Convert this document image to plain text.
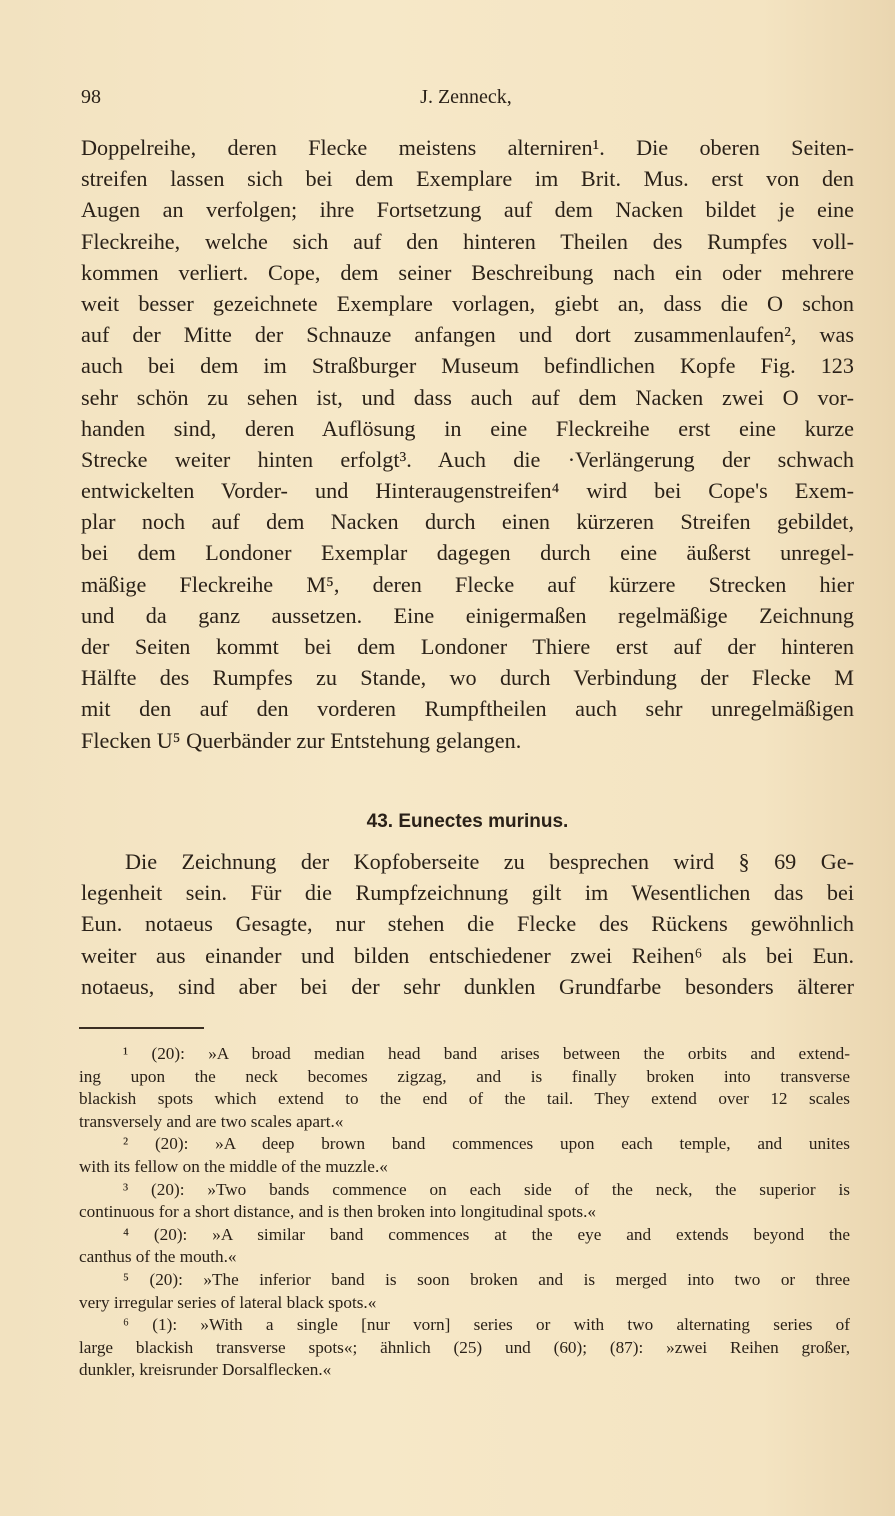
98	J. Zenneck,
Doppelreihe, deren Flecke meistens alterniren¹. Die oberen Seiten-
streifen lassen sich bei dem Exemplare im Brit. Mus. erst von den
Augen an verfolgen; ihre Fortsetzung auf dem Nacken bildet je eine
Fleckreihe, welche sich auf den hinteren Theilen des Rumpfes voll-
kommen verliert. Cope, dem seiner Beschreibung nach ein oder mehrere
weit besser gezeichnete Exemplare vorlagen, giebt an, dass die O schon
auf der Mitte der Schnauze anfangen und dort zusammenlaufen², was
auch bei dem im Straßburger Museum befindlichen Kopfe Fig. 123
sehr schön zu sehen ist, und dass auch auf dem Nacken zwei O vor-
handen sind, deren Auflösung in eine Fleckreihe erst eine kurze
Strecke weiter hinten erfolgt³. Auch die ·Verlängerung der schwach
entwickelten Vorder- und Hinteraugenstreifen⁴ wird bei Cope's Exem-
plar noch auf dem Nacken durch einen kürzeren Streifen gebildet,
bei dem Londoner Exemplar dagegen durch eine äußerst unregel-
mäßige Fleckreihe M⁵, deren Flecke auf kürzere Strecken hier
und da ganz aussetzen. Eine einigermaßen regelmäßige Zeichnung
der Seiten kommt bei dem Londoner Thiere erst auf der hinteren
Hälfte des Rumpfes zu Stande, wo durch Verbindung der Flecke M
mit den auf den vorderen Rumpftheilen auch sehr unregelmäßigen
Flecken U⁵ Querbänder zur Entstehung gelangen.
43. Eunectes murinus.
Die Zeichnung der Kopfoberseite zu besprechen wird § 69 Ge-
legenheit sein. Für die Rumpfzeichnung gilt im Wesentlichen das bei
Eun. notaeus Gesagte, nur stehen die Flecke des Rückens gewöhnlich
weiter aus einander und bilden entschiedener zwei Reihen⁶ als bei Eun.
notaeus, sind aber bei der sehr dunklen Grundfarbe besonders älterer
¹ (20): »A broad median head band arises between the orbits and extend-
ing upon the neck becomes zigzag, and is finally broken into transverse
blackish spots which extend to the end of the tail. They extend over 12 scales
transversely and are two scales apart.«
² (20): »A deep brown band commences upon each temple, and unites
with its fellow on the middle of the muzzle.«
³ (20): »Two bands commence on each side of the neck, the superior is
continuous for a short distance, and is then broken into longitudinal spots.«
⁴ (20): »A similar band commences at the eye and extends beyond the
canthus of the mouth.«
⁵ (20): »The inferior band is soon broken and is merged into two or three
very irregular series of lateral black spots.«
⁶ (1): »With a single [nur vorn] series or with two alternating series of
large blackish transverse spots«; ähnlich (25) und (60); (87): »zwei Reihen großer,
dunkler, kreisrunder Dorsalflecken.«
